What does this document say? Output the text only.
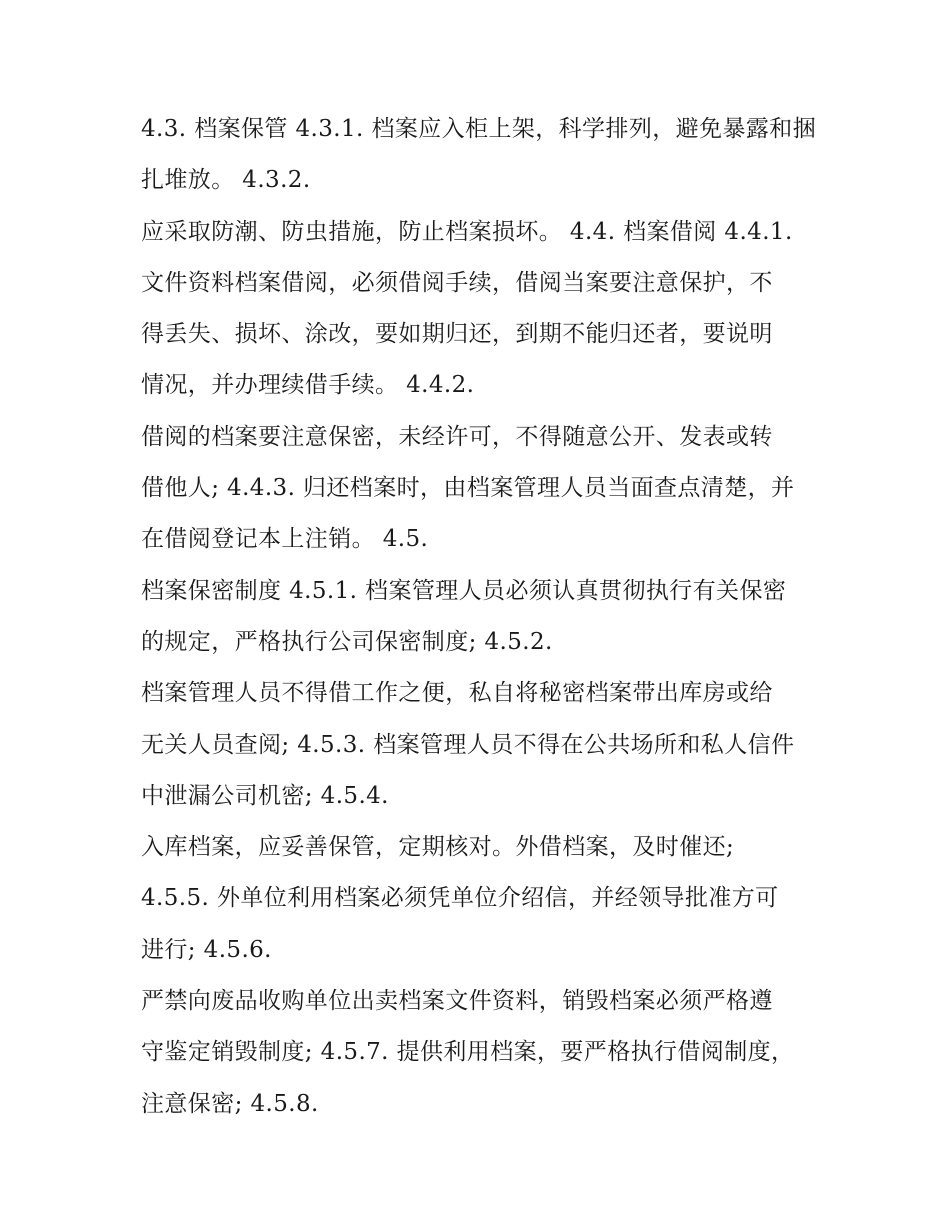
4.3. 档案保管 4.3.1. 档案应入柜上架，科学排列，避免暴露和捆
扎堆放。 4.3.2.
应采取防潮、防虫措施，防止档案损坏。 4.4. 档案借阅 4.4.1.
文件资料档案借阅，必须借阅手续，借阅当案要注意保护，不
得丢失、损坏、涂改，要如期归还，到期不能归还者，要说明
情况，并办理续借手续。 4.4.2.
借阅的档案要注意保密，未经许可，不得随意公开、发表或转
借他人; 4.4.3. 归还档案时，由档案管理人员当面查点清楚，并
在借阅登记本上注销。 4.5.
档案保密制度 4.5.1. 档案管理人员必须认真贯彻执行有关保密
的规定，严格执行公司保密制度; 4.5.2.
档案管理人员不得借工作之便，私自将秘密档案带出库房或给
无关人员查阅; 4.5.3. 档案管理人员不得在公共场所和私人信件
中泄漏公司机密; 4.5.4.
入库档案，应妥善保管，定期核对。外借档案，及时催还;
4.5.5. 外单位利用档案必须凭单位介绍信，并经领导批准方可
进行; 4.5.6.
严禁向废品收购单位出卖档案文件资料，销毁档案必须严格遵
守鉴定销毁制度; 4.5.7. 提供利用档案，要严格执行借阅制度，
注意保密; 4.5.8.
